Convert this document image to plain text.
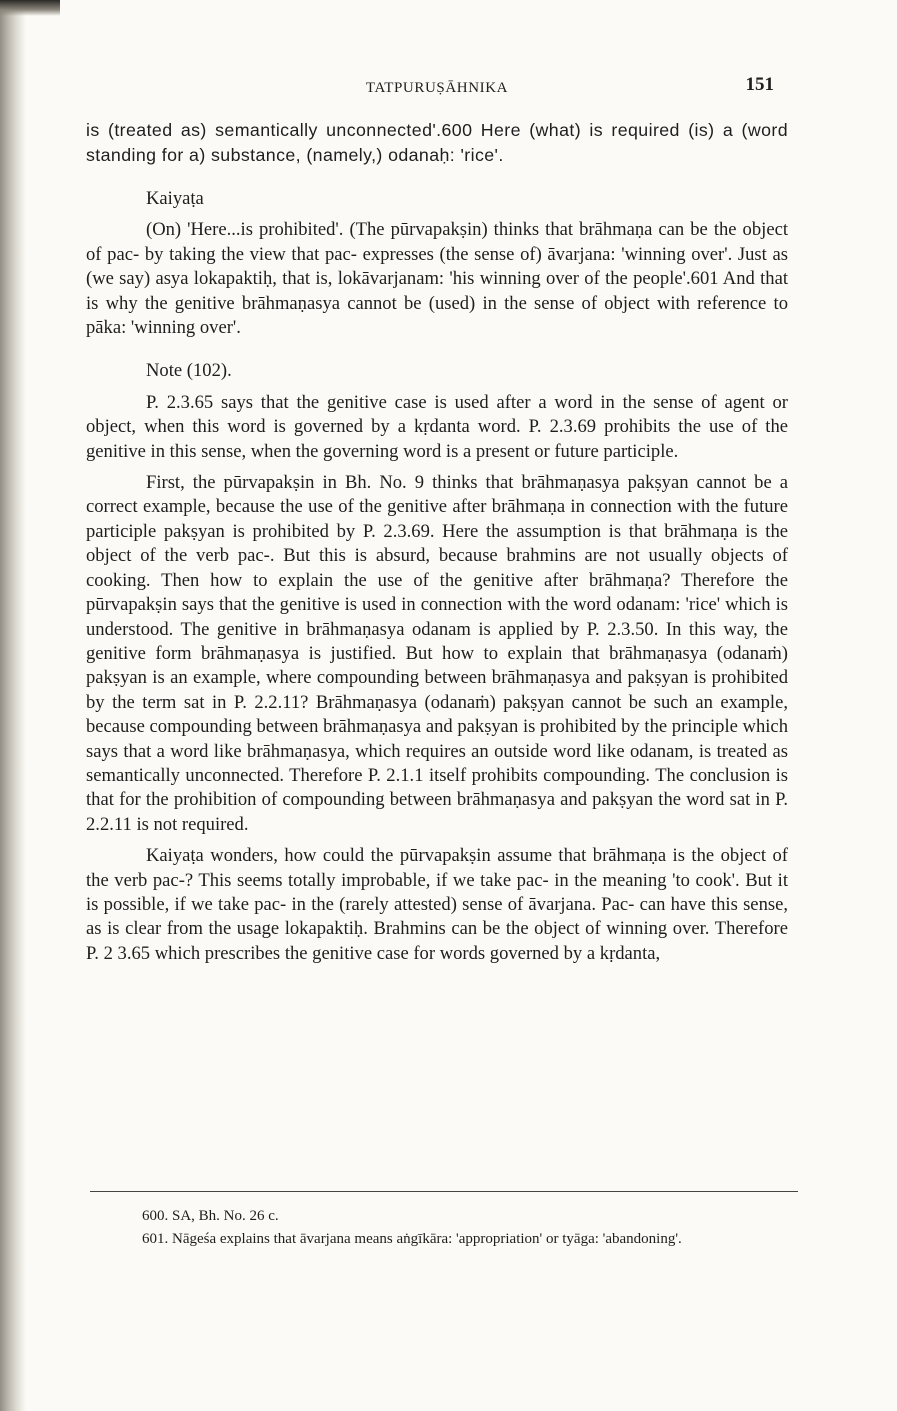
TATPURUṢĀHNIKA	151

is (treated as) semantically unconnected'.600 Here (what) is required (is) a (word standing for a) substance, (namely,) odanaḥ: 'rice'.

Kaiyaṭa

(On) 'Here...is prohibited'. (The pūrvapakṣin) thinks that brāhmaṇa can be the object of pac- by taking the view that pac- expresses (the sense of) āvarjana: 'winning over'. Just as (we say) asya lokapaktiḥ, that is, lokāvarjanam: 'his winning over of the people'.601 And that is why the genitive brāhmaṇasya cannot be (used) in the sense of object with reference to pāka: 'winning over'.

Note (102).

P. 2.3.65 says that the genitive case is used after a word in the sense of agent or object, when this word is governed by a kṛdanta word. P. 2.3.69 prohibits the use of the genitive in this sense, when the governing word is a present or future participle.

First, the pūrvapakṣin in Bh. No. 9 thinks that brāhmaṇasya pakṣyan cannot be a correct example, because the use of the genitive after brāhmaṇa in connection with the future participle pakṣyan is prohibited by P. 2.3.69. Here the assumption is that brāhmaṇa is the object of the verb pac-. But this is absurd, because brahmins are not usually objects of cooking. Then how to explain the use of the genitive after brāhmaṇa? Therefore the pūrvapakṣin says that the genitive is used in connection with the word odanam: 'rice' which is understood. The genitive in brāhmaṇasya odanam is applied by P. 2.3.50. In this way, the genitive form brāhmaṇasya is justified. But how to explain that brāhmaṇasya (odanaṁ) pakṣyan is an example, where compounding between brāhmaṇasya and pakṣyan is prohibited by the term sat in P. 2.2.11? Brāhmaṇasya (odanaṁ) pakṣyan cannot be such an example, because compounding between brāhmaṇasya and pakṣyan is prohibited by the principle which says that a word like brāhmaṇasya, which requires an outside word like odanam, is treated as semantically unconnected. Therefore P. 2.1.1 itself prohibits compounding. The conclusion is that for the prohibition of compounding between brāhmaṇasya and pakṣyan the word sat in P. 2.2.11 is not required.

Kaiyaṭa wonders, how could the pūrvapakṣin assume that brāhmaṇa is the object of the verb pac-? This seems totally improbable, if we take pac- in the meaning 'to cook'. But it is possible, if we take pac- in the (rarely attested) sense of āvarjana. Pac- can have this sense, as is clear from the usage lokapaktiḥ. Brahmins can be the object of winning over. Therefore P. 2 3.65 which prescribes the genitive case for words governed by a kṛdanta,

600. SA, Bh. No. 26 c.

601. Nāgeśa explains that āvarjana means aṅgīkāra: 'appropriation' or tyāga: 'abandoning'.
